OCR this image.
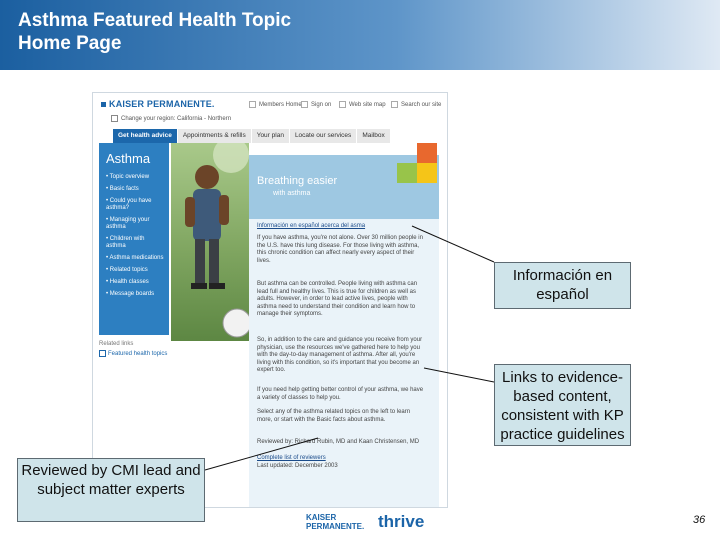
Asthma Featured Health Topic
Home Page
KAISER PERMANENTE.	Members Home	Sign on	Web site map	Search our site
Change your region: California - Northern
Get health advice	Appointments & refills	Your plan	Locate our services	Mailbox
Asthma
• Topic overview
• Basic facts
• Could you have asthma?
• Managing your asthma
• Children with asthma
• Asthma medications
• Related topics
• Health classes
• Message boards
Related links
Featured health topics
Breathing easier
with asthma
Información en español acerca del asma
If you have asthma, you're not alone. Over 30 million people in the U.S. have this lung disease. For those living with asthma, this chronic condition can affect nearly every aspect of their lives.
But asthma can be controlled. People living with asthma can lead full and healthy lives. This is true for children as well as adults. However, in order to lead active lives, people with asthma need to understand their condition and learn how to manage their symptoms.
So, in addition to the care and guidance you receive from your physician, use the resources we've gathered here to help you with the day-to-day management of asthma. After all, you're living with this condition, so it's important that you become an expert too.
If you need help getting better control of your asthma, we have a variety of classes to help you.
Select any of the asthma related topics on the left to learn more, or start with the Basic facts about asthma.
Reviewed by: Richard Rubin, MD and Kaan Christensen, MD
Complete list of reviewers
Last updated: December 2003
Información en español
Links to evidence-based content, consistent with KP practice guidelines
Reviewed by CMI lead and subject matter experts
KAISER
PERMANENTE. thrive	36
